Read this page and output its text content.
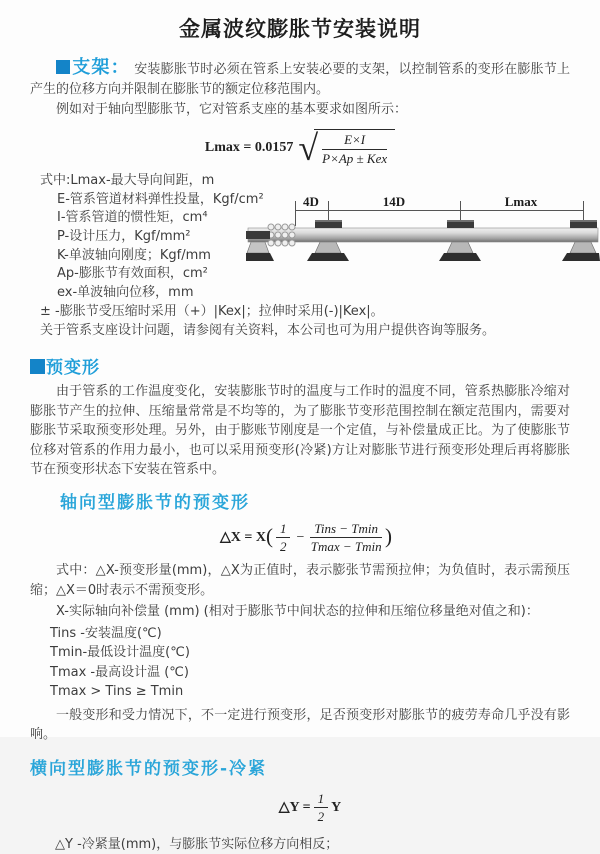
金属波纹膨胀节安装说明

支架： 安装膨胀节时必须在管系上安装必要的支架，以控制管系的变形在膨胀节上产生的位移方向并限制在膨胀节的额定位移范围内。

例如对于轴向型膨胀节，它对管系支座的基本要求如图所示：

Lmax = 0.0157 √ $\frac{E\times I}{\text{P×Ap ± Kex}}$

式中:Lmax-最大导向间距，m

E-管系管道材料弹性投量，Kgf/cm²

I-管系管道的惯性矩，cm⁴

P-设计压力，Kgf/mm²

K-单波轴向刚度；Kgf/mm

Ap-膨胀节有效面积，cm²

ex-单波轴向位移，mm

± -膨胀节受压缩时采用（+）|Kex|；拉伸时采用(-)|Kex|。

关于管系支座设计问题，请参阅有关资料，本公司也可为用户提供咨询等服务。

预变形

由于管系的工作温度变化，安装膨胀节时的温度与工作时的温度不同，管系热膨胀冷缩对膨胀节产生的拉伸、压缩量常常是不均等的，为了膨胀节变形范围控制在额定范围内，需要对膨胀节采取预变形处理。另外，由于膨账节刚度是一个定值，与补偿量成正比。为了使膨胀节位移对管系的作用力最小，也可以采用预变形(冷紧)方让对膨胀节进行预变形处理后再将膨胀节在预变形状态下安装在管系中。

轴向型膨胀节的预变形
△X = X ( $\frac{1}{2} - \frac{\text{Tins − Tmin}}{Tmax - Tmin}$ )

式中：△X-预变形量(mm)，△X为正值时，表示膨张节需预拉伸；为负值时，表示需预压缩；△X＝0时表示不需预变形。

X-实际轴向补偿量 (mm) (相对于膨胀节中间状态的拉伸和压缩位移量绝对值之和)：

Tins -安装温度(℃)

Tmin-最低设计温度(℃)

Tmax -最高设计温 (℃)

Tmax > Tins ≥ Tmin

一般变形和受力情况下，不一定进行预变形，足否预变形对膨胀节的疲劳寿命几乎没有影响。

横向型膨胀节的预变形-冷紧
△Y = $\frac{1}{2}$ Y

△Y -冷紧量(mm)，与膨胀节实际位移方向相反；

4D	14D	Lmax
